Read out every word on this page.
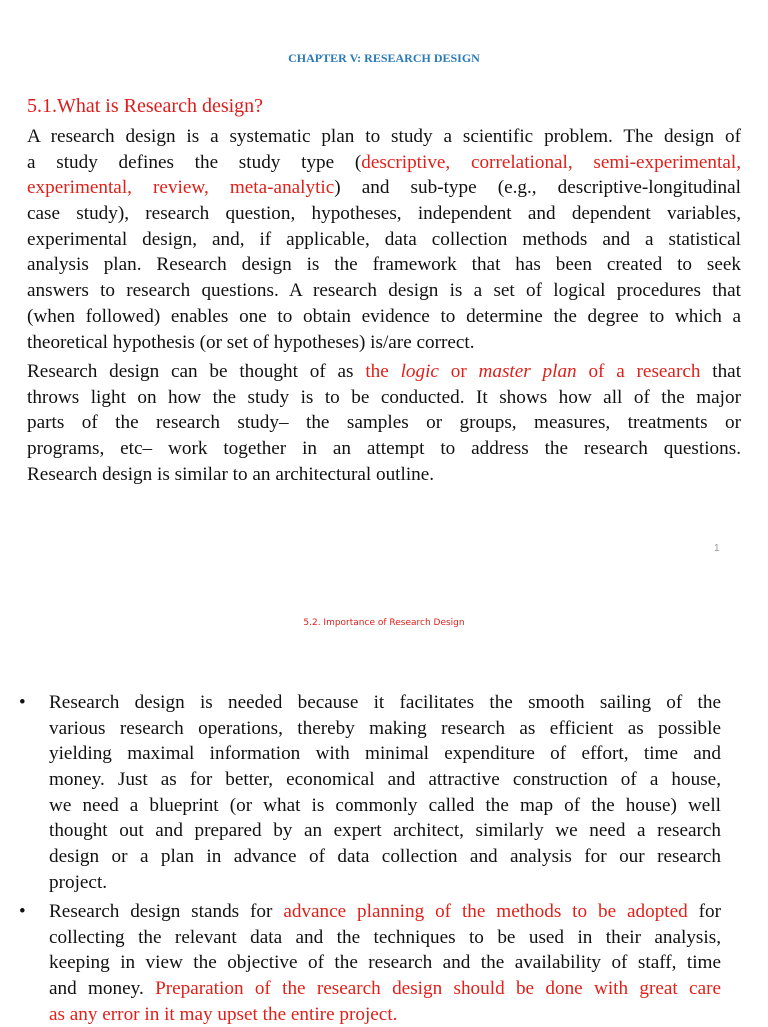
CHAPTER V: RESEARCH DESIGN
5.1.What is Research design?
A research design is a systematic plan to study a scientific problem. The design of
a study defines the study type (descriptive, correlational, semi-experimental,
experimental, review, meta-analytic) and sub-type (e.g., descriptive-longitudinal
case study), research question, hypotheses, independent and dependent variables,
experimental design, and, if applicable, data collection methods and a statistical
analysis plan. Research design is the framework that has been created to seek
answers to research questions. A research design is a set of logical procedures that
(when followed) enables one to obtain evidence to determine the degree to which a
theoretical hypothesis (or set of hypotheses) is/are correct.
Research design can be thought of as the logic or master plan of a research that
throws light on how the study is to be conducted. It shows how all of the major
parts of the research study– the samples or groups, measures, treatments or
programs, etc– work together in an attempt to address the research questions.
Research design is similar to an architectural outline.
1
5.2. Importance of Research Design
• Research design is needed because it facilitates the smooth sailing of the
various research operations, thereby making research as efficient as possible
yielding maximal information with minimal expenditure of effort, time and
money. Just as for better, economical and attractive construction of a house,
we need a blueprint (or what is commonly called the map of the house) well
thought out and prepared by an expert architect, similarly we need a research
design or a plan in advance of data collection and analysis for our research
project.
• Research design stands for advance planning of the methods to be adopted for
collecting the relevant data and the techniques to be used in their analysis,
keeping in view the objective of the research and the availability of staff, time
and money. Preparation of the research design should be done with great care
as any error in it may upset the entire project.
